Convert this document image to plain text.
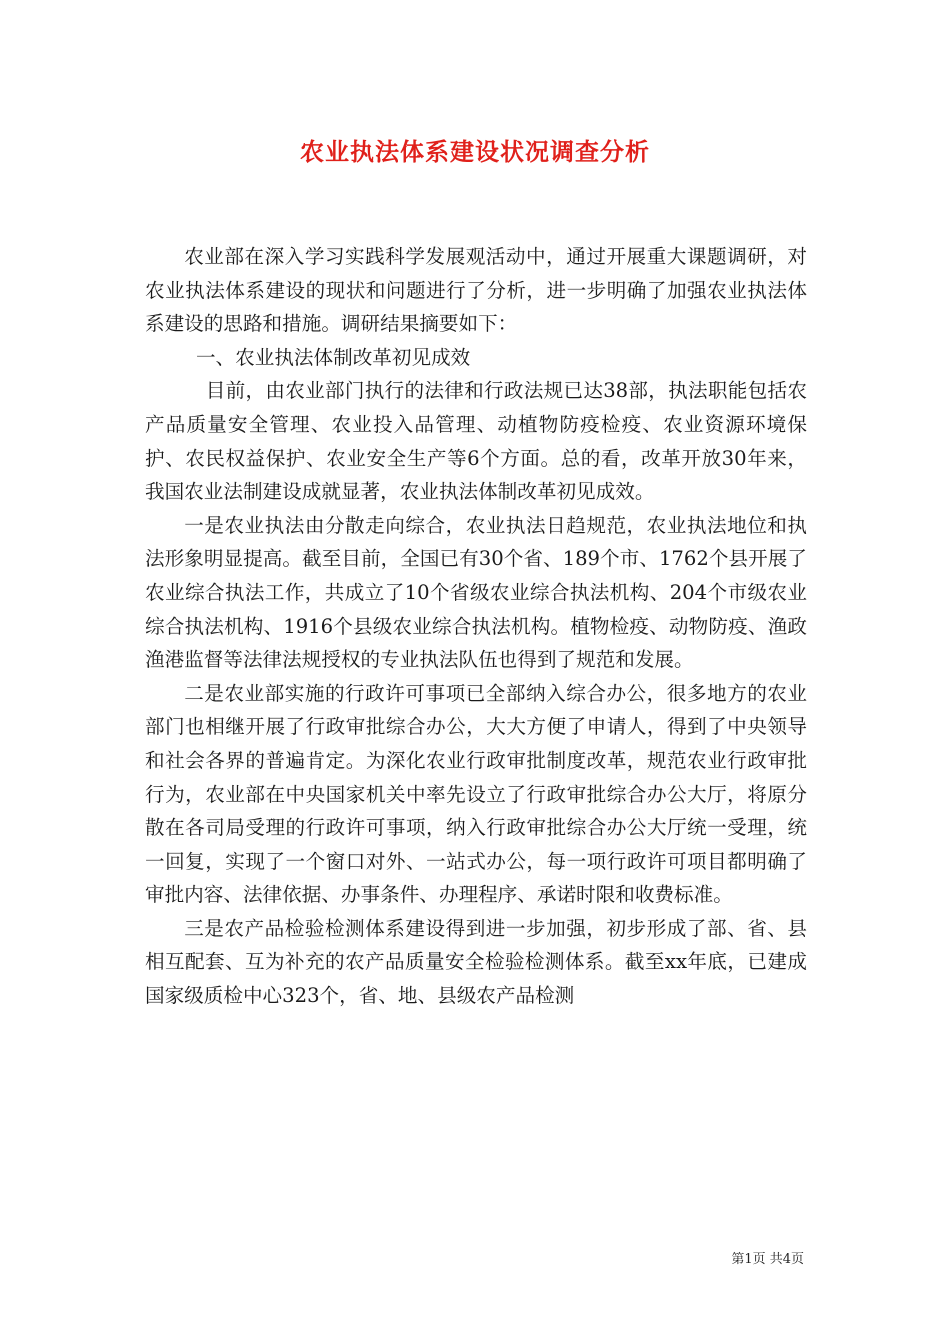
农业执法体系建设状况调查分析

农业部在深入学习实践科学发展观活动中，通过开展重大课题调研，对农业执法体系建设的现状和问题进行了分析，进一步明确了加强农业执法体系建设的思路和措施。调研结果摘要如下：

一、农业执法体制改革初见成效

目前，由农业部门执行的法律和行政法规已达38部，执法职能包括农产品质量安全管理、农业投入品管理、动植物防疫检疫、农业资源环境保护、农民权益保护、农业安全生产等6个方面。总的看，改革开放30年来，我国农业法制建设成就显著，农业执法体制改革初见成效。

一是农业执法由分散走向综合，农业执法日趋规范，农业执法地位和执法形象明显提高。截至目前，全国已有30个省、189个市、1762个县开展了农业综合执法工作，共成立了10个省级农业综合执法机构、204个市级农业综合执法机构、1916个县级农业综合执法机构。植物检疫、动物防疫、渔政渔港监督等法律法规授权的专业执法队伍也得到了规范和发展。

二是农业部实施的行政许可事项已全部纳入综合办公，很多地方的农业部门也相继开展了行政审批综合办公，大大方便了申请人，得到了中央领导和社会各界的普遍肯定。为深化农业行政审批制度改革，规范农业行政审批行为，农业部在中央国家机关中率先设立了行政审批综合办公大厅，将原分散在各司局受理的行政许可事项，纳入行政审批综合办公大厅统一受理，统一回复，实现了一个窗口对外、一站式办公，每一项行政许可项目都明确了审批内容、法律依据、办事条件、办理程序、承诺时限和收费标准。

三是农产品检验检测体系建设得到进一步加强，初步形成了部、省、县相互配套、互为补充的农产品质量安全检验检测体系。截至xx年底，已建成国家级质检中心323个，省、地、县级农产品检测

第1页 共4页
